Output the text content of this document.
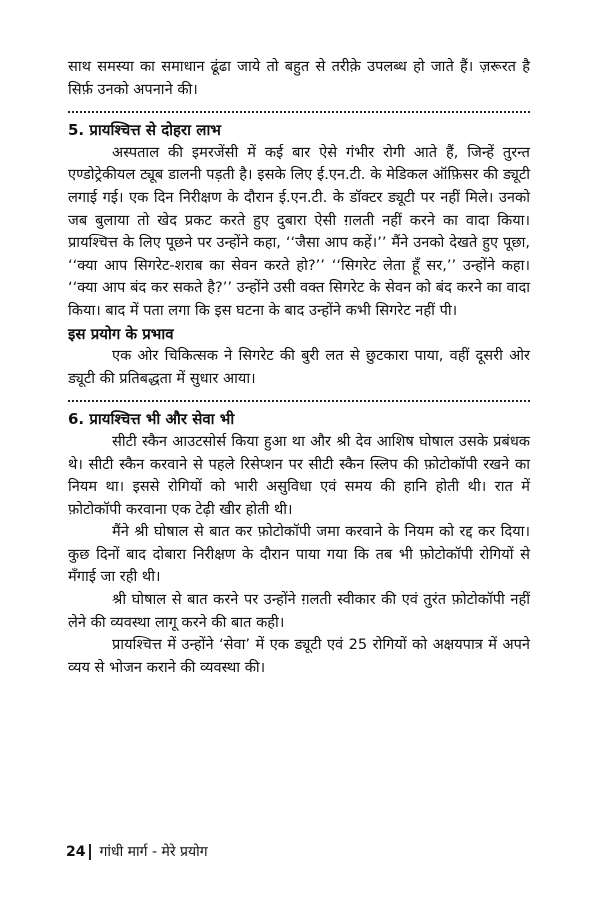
साथ समस्या का समाधान ढूंढा जाये तो बहुत से तरीक़े उपलब्ध हो जाते हैं। ज़रूरत है सिर्फ़ उनको अपनाने की।

5. प्रायश्चित्त से दोहरा लाभ

अस्पताल की इमरजेंसी में कई बार ऐसे गंभीर रोगी आते हैं, जिन्हें तुरन्त एण्डोट्रेकीयल ट्यूब डालनी पड़ती है। इसके लिए ई.एन.टी. के मेडिकल ऑफ़िसर की ड्यूटी लगाई गई। एक दिन निरीक्षण के दौरान ई.एन.टी. के डॉक्टर ड्यूटी पर नहीं मिले। उनको जब बुलाया तो खेद प्रकट करते हुए दुबारा ऐसी ग़लती नहीं करने का वादा किया। प्रायश्चित्त के लिए पूछने पर उन्होंने कहा, ‘‘जैसा आप कहें।’’ मैंने उनको देखते हुए पूछा, ‘‘क्या आप सिगरेट-शराब का सेवन करते हो?’’ ‘‘सिगरेट लेता हूँ सर,’’ उन्होंने कहा। ‘‘क्या आप बंद कर सकते है?’’ उन्होंने उसी वक्त सिगरेट के सेवन को बंद करने का वादा किया। बाद में पता लगा कि इस घटना के बाद उन्होंने कभी सिगरेट नहीं पी।

इस प्रयोग के प्रभाव

एक ओर चिकित्सक ने सिगरेट की बुरी लत से छुटकारा पाया, वहीं दूसरी ओर ड्यूटी की प्रतिबद्धता में सुधार आया।

6. प्रायश्चित्त भी और सेवा भी

सीटी स्कैन आउटसोर्स किया हुआ था और श्री देव आशिष घोषाल उसके प्रबंधक थे। सीटी स्कैन करवाने से पहले रिसेप्शन पर सीटी स्कैन स्लिप की फ़ोटोकॉपी रखने का नियम था। इससे रोगियों को भारी असुविधा एवं समय की हानि होती थी। रात में फ़ोटोकॉपी करवाना एक टेढ़ी खीर होती थी।

मैंने श्री घोषाल से बात कर फ़ोटोकॉपी जमा करवाने के नियम को रद्द कर दिया। कुछ दिनों बाद दोबारा निरीक्षण के दौरान पाया गया कि तब भी फ़ोटोकॉपी रोगियों से मँगाई जा रही थी।

श्री घोषाल से बात करने पर उन्होंने ग़लती स्वीकार की एवं तुरंत फ़ोटोकॉपी नहीं लेने की व्यवस्था लागू करने की बात कही।

प्रायश्चित्त में उन्होंने ‘सेवा’ में एक ड्यूटी एवं 25 रोगियों को अक्षयपात्र में अपने व्यय से भोजन कराने की व्यवस्था की।

24	गांधी मार्ग - मेरे प्रयोग
